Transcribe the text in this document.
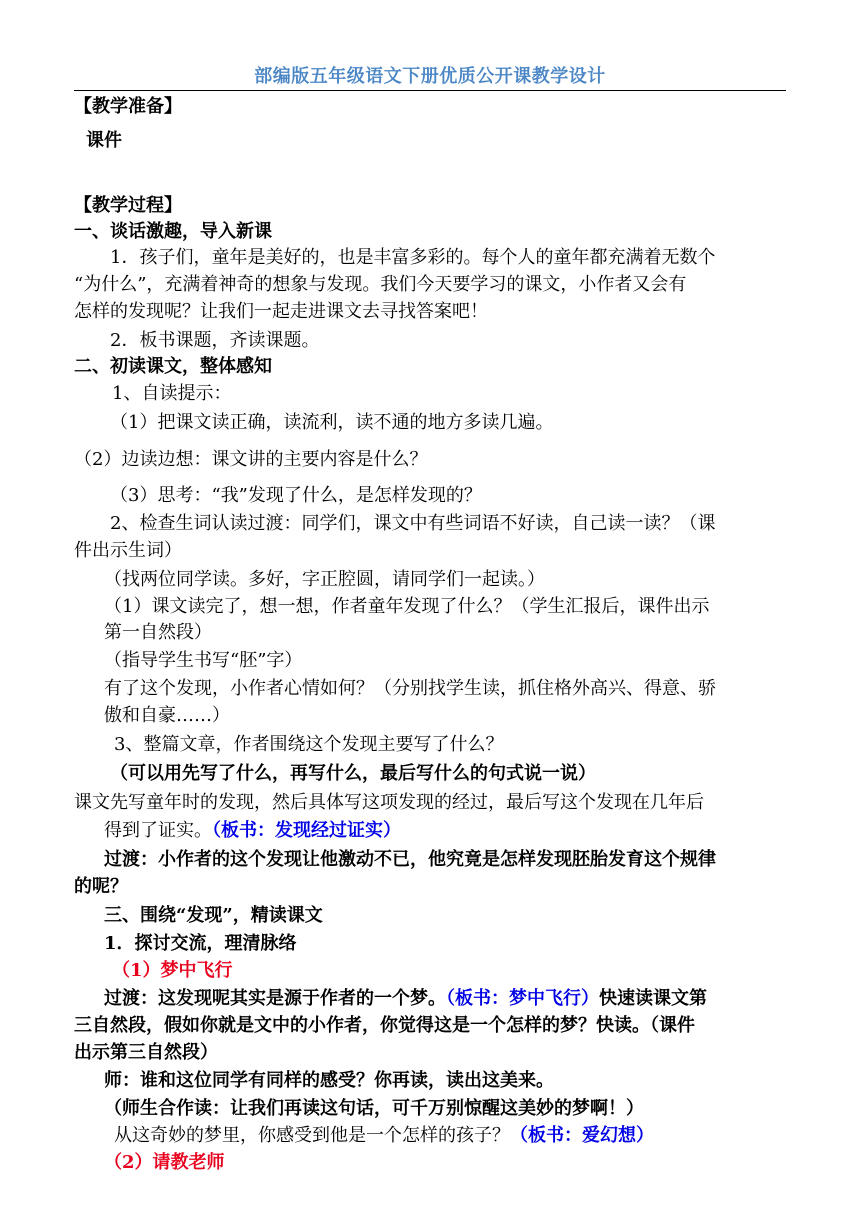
部编版五年级语文下册优质公开课教学设计
【教学准备】
课件
【教学过程】
一、谈话激趣，导入新课
1．孩子们，童年是美好的，也是丰富多彩的。每个人的童年都充满着无数个
“为什么”，充满着神奇的想象与发现。我们今天要学习的课文，小作者又会有
怎样的发现呢？让我们一起走进课文去寻找答案吧！
2．板书课题，齐读课题。
二、初读课文，整体感知
1、自读提示：
（1）把课文读正确，读流利，读不通的地方多读几遍。
（2）边读边想：课文讲的主要内容是什么？
（3）思考：“我”发现了什么，是怎样发现的？
2、检查生词认读过渡：同学们，课文中有些词语不好读，自己读一读？（课
件出示生词）
（找两位同学读。多好，字正腔圆，请同学们一起读。）
（1）课文读完了，想一想，作者童年发现了什么？（学生汇报后，课件出示
第一自然段）
（指导学生书写“胚”字）
有了这个发现，小作者心情如何？（分别找学生读，抓住格外高兴、得意、骄
傲和自豪……）
3、整篇文章，作者围绕这个发现主要写了什么？
（可以用先写了什么，再写什么，最后写什么的句式说一说）
课文先写童年时的发现，然后具体写这项发现的经过，最后写这个发现在几年后
得到了证实。（板书：发现经过证实）
过渡：小作者的这个发现让他激动不已，他究竟是怎样发现胚胎发育这个规律
的呢？
三、围绕“发现”，精读课文
1．探讨交流，理清脉络
（1）梦中飞行
过渡：这发现呢其实是源于作者的一个梦。（板书：梦中飞行）快速读课文第
三自然段，假如你就是文中的小作者，你觉得这是一个怎样的梦？快读。（课件
出示第三自然段）
师：谁和这位同学有同样的感受？你再读，读出这美来。
（师生合作读：让我们再读这句话，可千万别惊醒这美妙的梦啊！）
从这奇妙的梦里，你感受到他是一个怎样的孩子？（板书：爱幻想）
（2）请教老师
